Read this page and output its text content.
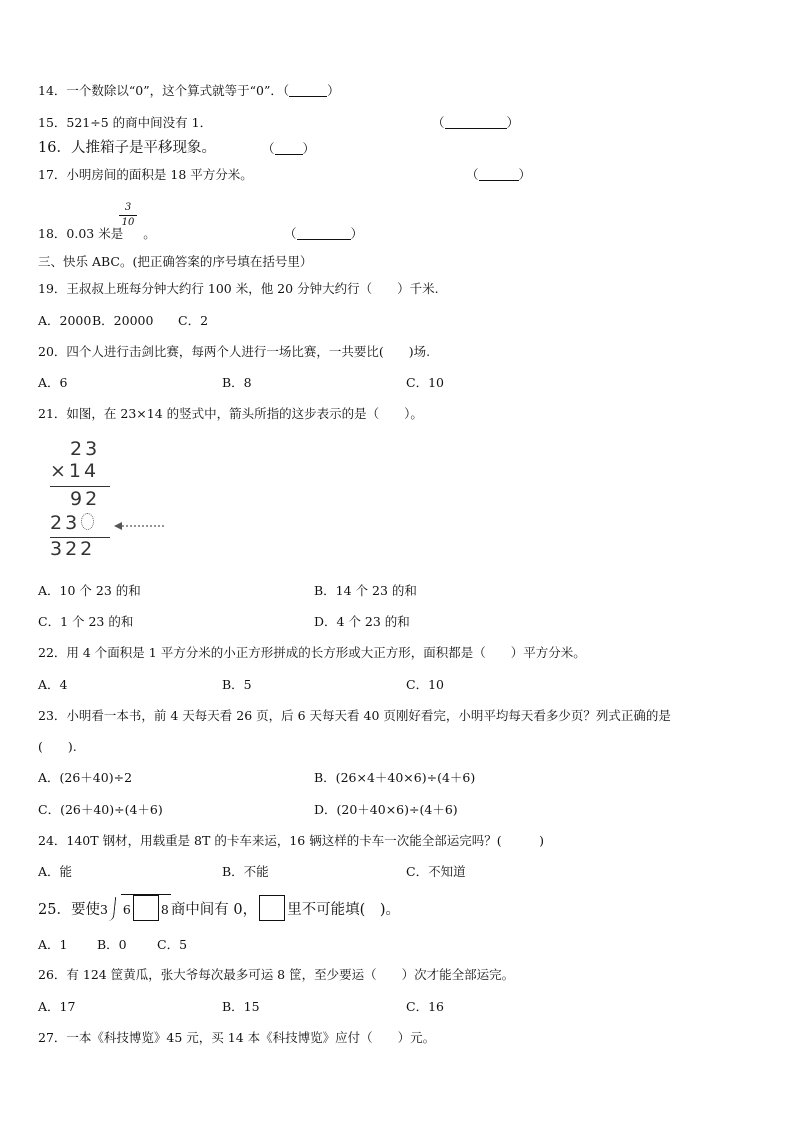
14．一个数除以“0”，这个算式就等于“0”．（	）
15．521÷5 的商中间没有 1．	（	）
16．人推箱子是平移现象。	（ ）
17．小明房间的面积是 18 平方分米。	（	）
18．0.03 米是 。
3
10
（	）
三、快乐 ABC。(把正确答案的序号填在括号里）
19．王叔叔上班每分钟大约行 100 米，他 20 分钟大约行（　　）千米.
A．2000 B．20000 C．2
20．四个人进行击剑比赛，每两个人进行一场比赛，一共要比(　　)场.
A．6	B．8	C．10
21．如图，在 23×14 的竖式中，箭头所指的这步表示的是（　　）。
23
×14
92
23
322
A．10 个 23 的和	B．14 个 23 的和
C．1 个 23 的和	D．4 个 23 的和
22．用 4 个面积是 1 平方分米的小正方形拼成的长方形或大正方形，面积都是（　　）平方分米。
A．4	B．5	C．10
23．小明看一本书，前 4 天每天看 26 页，后 6 天每天看 40 页刚好看完，小明平均每天看多少页？列式正确的是
(　　).
A．(26＋40)÷2	B．(26×4＋40×6)÷(4＋6)
C．(26＋40)÷(4＋6)	D．(20＋40×6)÷(4＋6)
24．140T 钢材，用载重是 8T 的卡车来运，16 辆这样的卡车一次能全部运完吗？(　　　)
A．能	B．不能	C．不知道
25．要使3 6 8 商中间有 0， 里不可能填(　)。
A．1 B．0 C．5
26．有 124 筐黄瓜，张大爷每次最多可运 8 筐，至少要运（　　）次才能全部运完。
A．17	B．15	C．16
27．一本《科技博览》45 元，买 14 本《科技博览》应付（　　）元。
